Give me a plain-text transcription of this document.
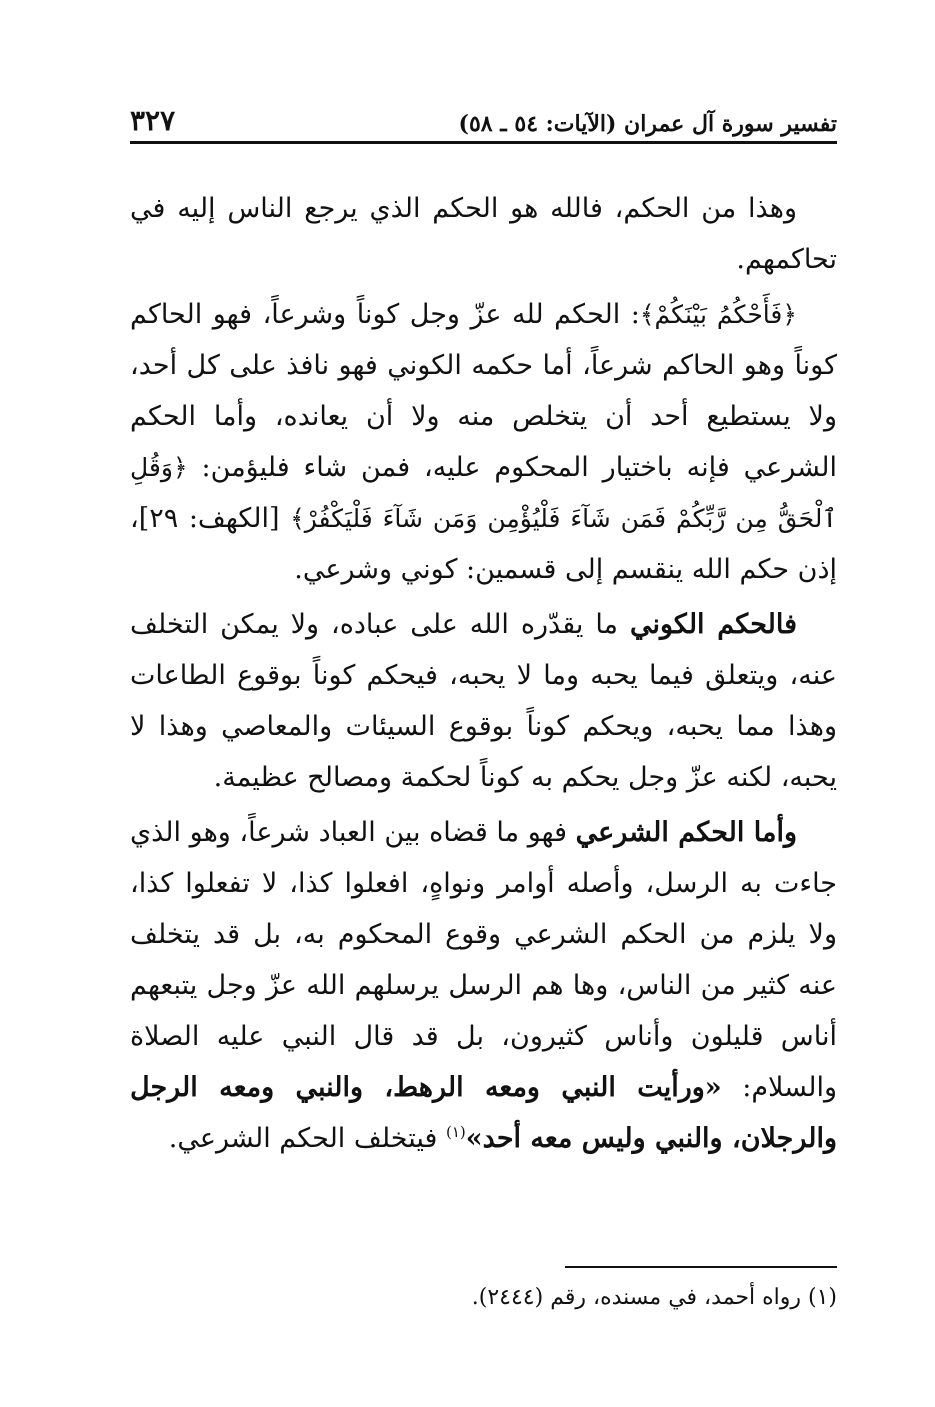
تفسير سورة آل عمران (الآيات: ٥٤ ـ ٥٨)
٣٢٧

وهذا من الحكم، فالله هو الحكم الذي يرجع الناس إليه في تحاكمهم.

﴿فَأَحْكُمُ بَيْنَكُمْ﴾: الحكم لله عزّ وجل كوناً وشرعاً، فهو الحاكم كوناً وهو الحاكم شرعاً، أما حكمه الكوني فهو نافذ على كل أحد، ولا يستطيع أحد أن يتخلص منه ولا أن يعانده، وأما الحكم الشرعي فإنه باختيار المحكوم عليه، فمن شاء فليؤمن: ﴿وَقُلِ ٱلْحَقُّ مِن رَّبِّكُمْ فَمَن شَآءَ فَلْيُؤْمِن وَمَن شَآءَ فَلْيَكْفُرْ﴾ [الكهف: ٢٩]، إذن حكم الله ينقسم إلى قسمين: كوني وشرعي.

فالحكم الكوني ما يقدّره الله على عباده، ولا يمكن التخلف عنه، ويتعلق فيما يحبه وما لا يحبه، فيحكم كوناً بوقوع الطاعات وهذا مما يحبه، ويحكم كوناً بوقوع السيئات والمعاصي وهذا لا يحبه، لكنه عزّ وجل يحكم به كوناً لحكمة ومصالح عظيمة.

وأما الحكم الشرعي فهو ما قضاه بين العباد شرعاً، وهو الذي جاءت به الرسل، وأصله أوامر ونواهٍ، افعلوا كذا، لا تفعلوا كذا، ولا يلزم من الحكم الشرعي وقوع المحكوم به، بل قد يتخلف عنه كثير من الناس، وها هم الرسل يرسلهم الله عزّ وجل يتبعهم أناس قليلون وأناس كثيرون، بل قد قال النبي عليه الصلاة والسلام: «ورأيت النبي ومعه الرهط، والنبي ومعه الرجل والرجلان، والنبي وليس معه أحد»$^{(١)}$ فيتخلف الحكم الشرعي.

(١) رواه أحمد، في مسنده، رقم (٢٤٤٤).
